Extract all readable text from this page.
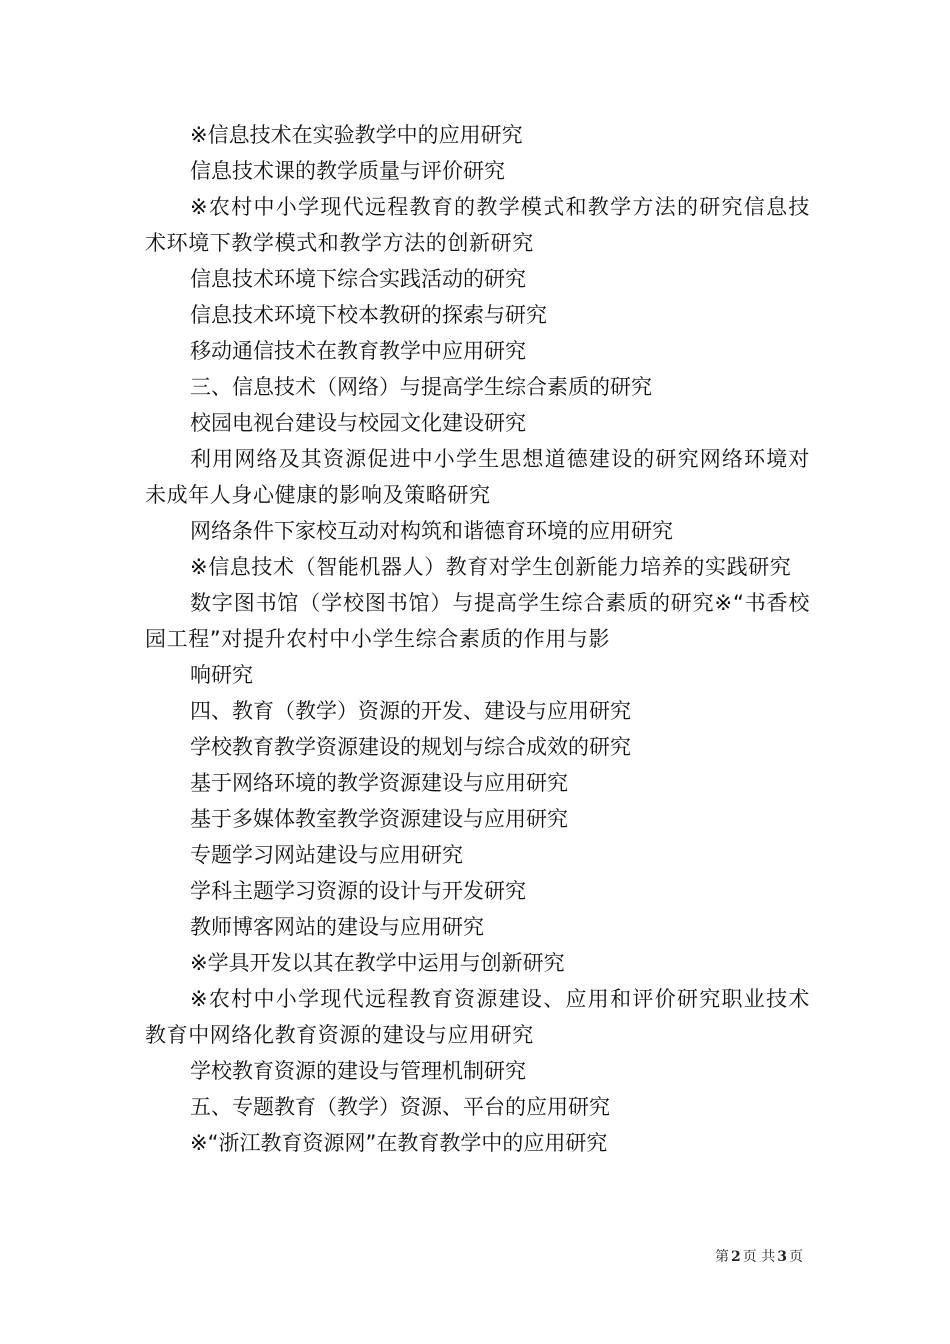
※信息技术在实验教学中的应用研究

信息技术课的教学质量与评价研究

※农村中小学现代远程教育的教学模式和教学方法的研究信息技术环境下教学模式和教学方法的创新研究

信息技术环境下综合实践活动的研究

信息技术环境下校本教研的探索与研究

移动通信技术在教育教学中应用研究

三、信息技术（网络）与提高学生综合素质的研究

校园电视台建设与校园文化建设研究

利用网络及其资源促进中小学生思想道德建设的研究网络环境对未成年人身心健康的影响及策略研究

网络条件下家校互动对构筑和谐德育环境的应用研究

※信息技术（智能机器人）教育对学生创新能力培养的实践研究

数字图书馆（学校图书馆）与提高学生综合素质的研究※“书香校园工程”对提升农村中小学生综合素质的作用与影

响研究

四、教育（教学）资源的开发、建设与应用研究

学校教育教学资源建设的规划与综合成效的研究

基于网络环境的教学资源建设与应用研究

基于多媒体教室教学资源建设与应用研究

专题学习网站建设与应用研究

学科主题学习资源的设计与开发研究

教师博客网站的建设与应用研究

※学具开发以其在教学中运用与创新研究

※农村中小学现代远程教育资源建设、应用和评价研究职业技术教育中网络化教育资源的建设与应用研究

学校教育资源的建设与管理机制研究

五、专题教育（教学）资源、平台的应用研究

※“浙江教育资源网”在教育教学中的应用研究

第 2 页 共 3 页
